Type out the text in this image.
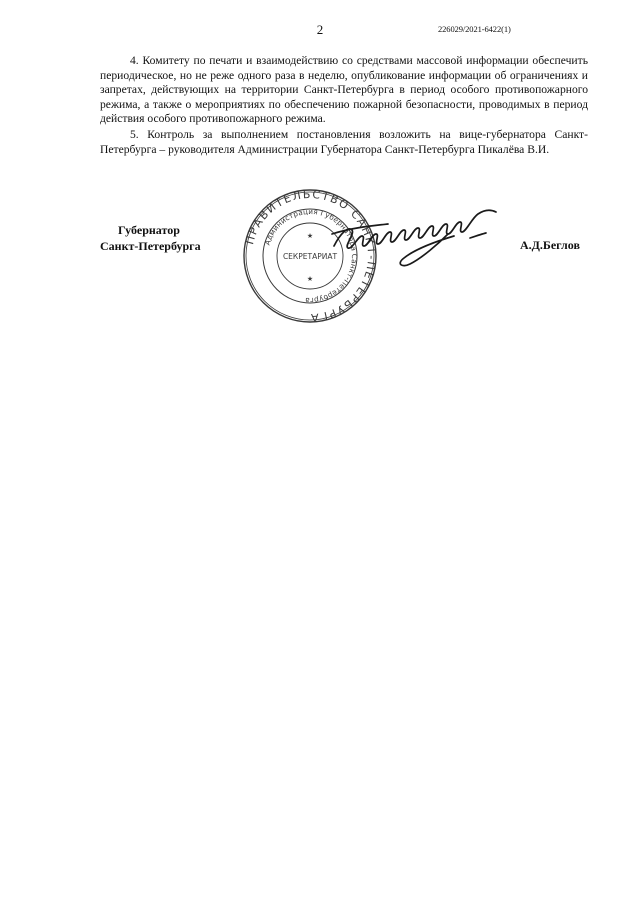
2	226029/2021-6422(1)

4. Комитету по печати и взаимодействию со средствами массовой информации обеспечить периодическое, но не реже одного раза в неделю, опубликование информации об ограничениях и запретах, действующих на территории Санкт-Петербурга в период особого противопожарного режима, а также о мероприятиях по обеспечению пожарной безопасности, проводимых в период действия особого противопожарного режима.

5. Контроль за выполнением постановления возложить на вице-губернатора Санкт-Петербурга – руководителя Администрации Губернатора Санкт-Петербурга Пикалёва В.И.

Губернатор
Санкт-Петербурга	ПРАВИТЕЛЬСТВО САНКТ-ПЕТЕРБУРГА
Администрация Губернатора Санкт-Петербурга
СЕКРЕТАРИАТ
★
★
А.Д.Беглов
